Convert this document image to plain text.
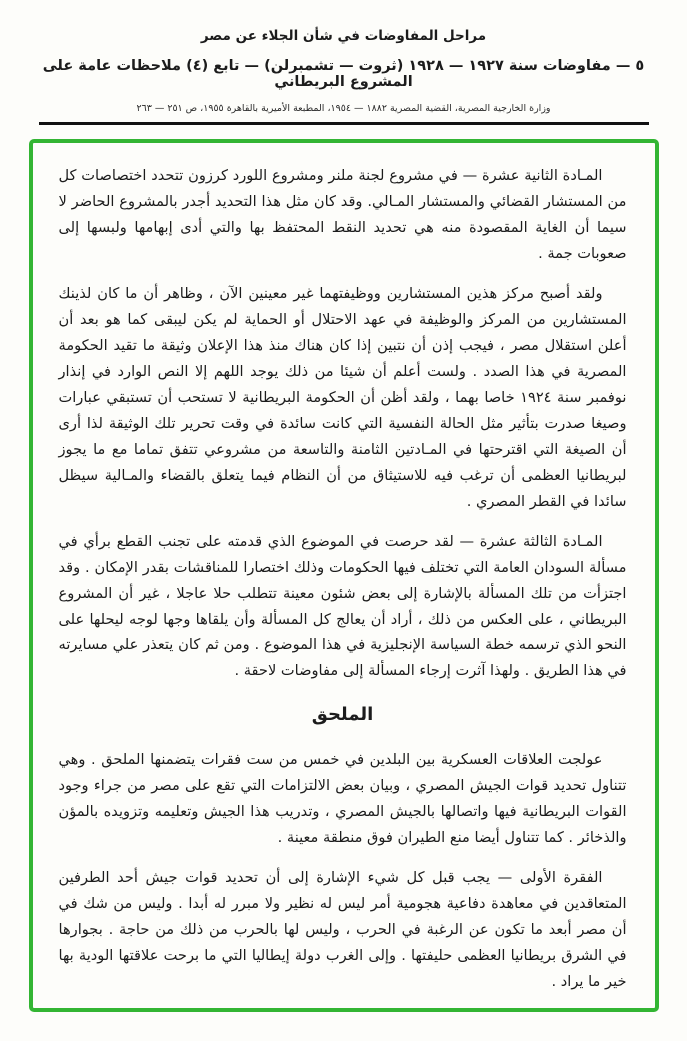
مراحل المفاوضات في شأن الجلاء عن مصر
٥ — مفاوضات سنة ١٩٢٧ — ١٩٢٨ (ثروت — تشمبرلن) — تابع (٤) ملاحظات عامة على المشروع البريطاني
وزارة الخارجية المصرية، القضية المصرية ١٨٨٢ — ١٩٥٤، المطبعة الأميرية بالقاهرة ١٩٥٥، ص ٢٥١ — ٢٦٣

المـادة الثانية عشرة — في مشروع لجنة ملنر ومشروع اللورد كرزون تتحدد اختصاصات كل من المستشار القضائي والمستشار المـالي. وقد كان مثل هذا التحديد أجدر بالمشروع الحاضر لا سيما أن الغاية المقصودة منه هي تحديد النقط المحتفظ بها والتي أدى إبهامها ولبسها إلى صعوبات جمة .

ولقد أصبح مركز هذين المستشارين ووظيفتهما غير معينين الآن ، وظاهر أن ما كان لذينك المستشارين من المركز والوظيفة في عهد الاحتلال أو الحماية لم يكن ليبقى كما هو بعد أن أعلن استقلال مصر ، فيجب إذن أن نتبين إذا كان هناك منذ هذا الإعلان وثيقة ما تقيد الحكومة المصرية في هذا الصدد . ولست أعلم أن شيئا من ذلك يوجد اللهم إلا النص الوارد في إنذار نوفمبر سنة ١٩٢٤ خاصا بهما ، ولقد أظن أن الحكومة البريطانية لا تستحب أن تستبقي عبارات وصيغا صدرت بتأثير مثل الحالة النفسية التي كانت سائدة في وقت تحرير تلك الوثيقة لذا أرى أن الصيغة التي اقترحتها في المـادتين الثامنة والتاسعة من مشروعي تتفق تماما مع ما يجوز لبريطانيا العظمى أن ترغب فيه للاستيثاق من أن النظام فيما يتعلق بالقضاء والمـالية سيظل سائدا في القطر المصري .

المـادة الثالثة عشرة — لقد حرصت في الموضوع الذي قدمته على تجنب القطع برأي في مسألة السودان العامة التي تختلف فيها الحكومات وذلك اختصارا للمناقشات بقدر الإمكان . وقد اجتزأت من تلك المسألة بالإشارة إلى بعض شئون معينة تتطلب حلا عاجلا ، غير أن المشروع البريطاني ، على العكس من ذلك ، أراد أن يعالج كل المسألة وأن يلقاها وجها لوجه ليحلها على النحو الذي ترسمه خطة السياسة الإنجليزية في هذا الموضوع . ومن ثم كان يتعذر علي مسايرته في هذا الطريق . ولهذا آثرت إرجاء المسألة إلى مفاوضات لاحقة .

الملحق

عولجت العلاقات العسكرية بين البلدين في خمس من ست فقرات يتضمنها الملحق . وهي تتناول تحديد قوات الجيش المصري ، وبيان بعض الالتزامات التي تقع على مصر من جراء وجود القوات البريطانية فيها واتصالها بالجيش المصري ، وتدريب هذا الجيش وتعليمه وتزويده بالمؤن والذخائر . كما تتناول أيضا منع الطيران فوق منطقة معينة .

الفقرة الأولى — يجب قبل كل شيء الإشارة إلى أن تحديد قوات جيش أحد الطرفين المتعاقدين في معاهدة دفاعية هجومية أمر ليس له نظير ولا مبرر له أبدا . وليس من شك في أن مصر أبعد ما تكون عن الرغبة في الحرب ، وليس لها بالحرب من ذلك من حاجة . بجوارها في الشرق بريطانيا العظمى حليفتها . وإلى الغرب دولة إيطاليا التي ما برحت علاقتها الودية بها خير ما يراد .
